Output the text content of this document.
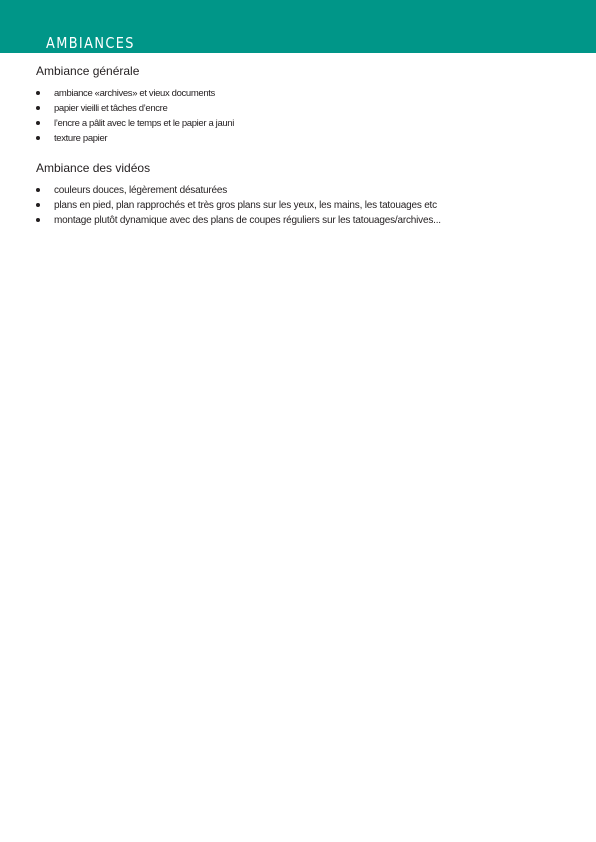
AMBIANCES
Ambiance générale
ambiance «archives» et vieux documents
papier vieilli et tâches d’encre
l’encre a pâlit avec le temps et le papier a jauni
texture papier
Ambiance des vidéos
couleurs douces, légèrement désaturées
plans en pied, plan rapprochés et très gros plans sur les yeux, les mains, les tatouages etc
montage plutôt dynamique avec des plans de coupes réguliers sur les tatouages/archives...
